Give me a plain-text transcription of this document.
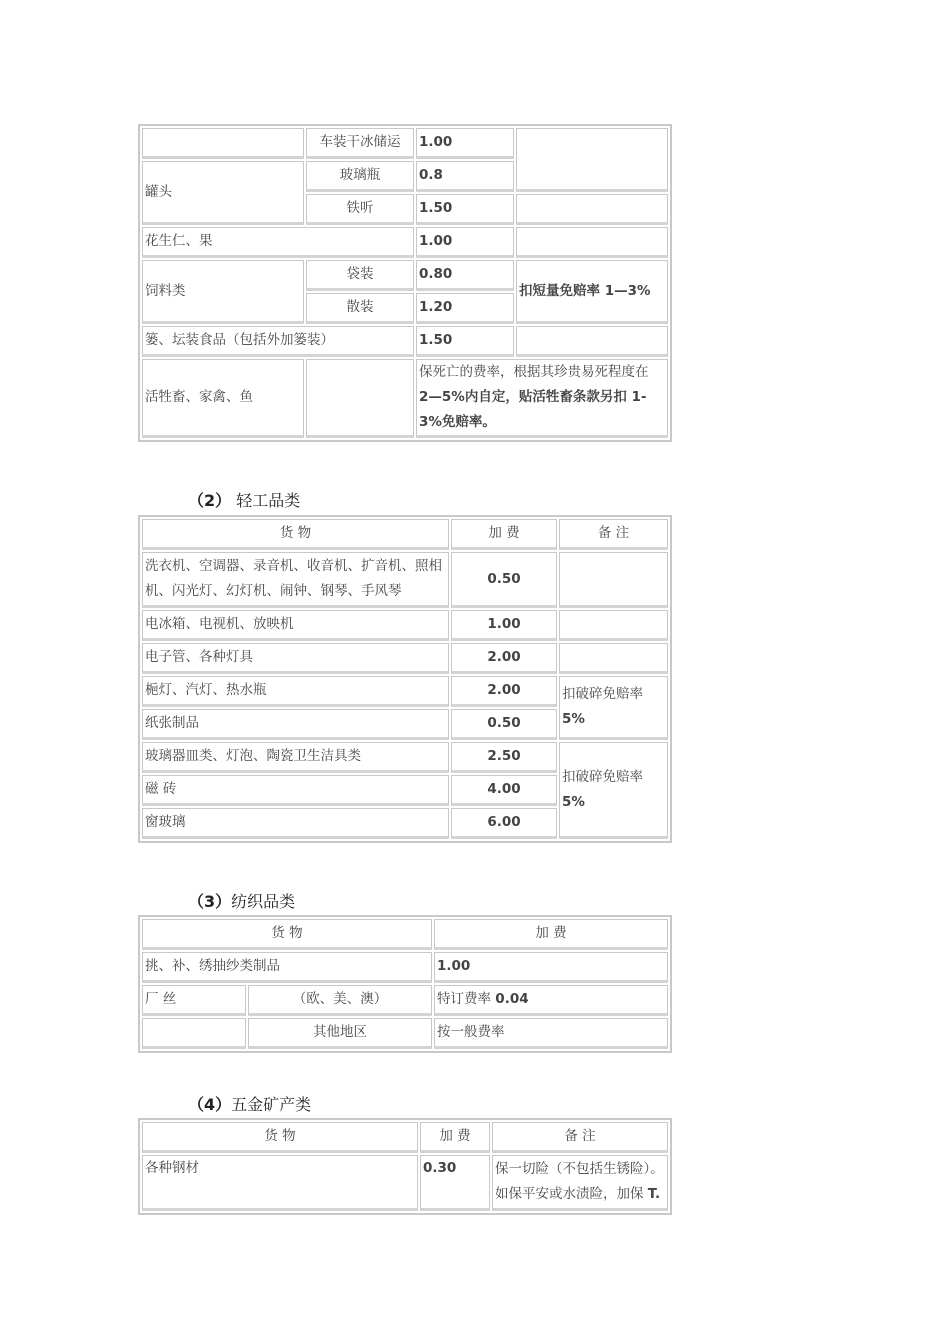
	车装干冰储运	1.00	
罐头	玻璃瓶	0.8	
	铁听	1.50	
花生仁、果		1.00	
饲料类	袋装	0.80	扣短量免赔率 1—3%
	散装	1.20	
篓、坛装食品（包括外加篓装）		1.50	
活牲畜、家禽、鱼		保死亡的费率，根据其珍贵易死程度在
2—5%内自定，贴活牲畜条款另扣 1-
3%免赔率。	
（2） 轻工品类
货 物	加 费	备 注
洗衣机、空调器、录音机、收音机、扩音机、照相
机、闪光灯、幻灯机、闹钟、钢琴、手风琴	0.50	
电冰箱、电视机、放映机	1.00	
电子管、各种灯具	2.00	
梔灯、汽灯、热水瓶	2.00	扣破碎免赔率
5%
纸张制品	0.50	
玻璃器皿类、灯泡、陶瓷卫生洁具类	2.50	扣破碎免赔率
5%
磁 砖	4.00	
窗玻璃	6.00	
（3）纺织品类
货 物		加 费
挑、补、绣抽纱类制品		1.00
厂 丝	（欧、美、澳）	特订费率 0.04
	其他地区	按一般费率
（4）五金矿产类
货 物	加 费	备 注
各种钢材	0.30	保一切险（不包括生锈险）。
如保平安或水渍险，加保 T.
